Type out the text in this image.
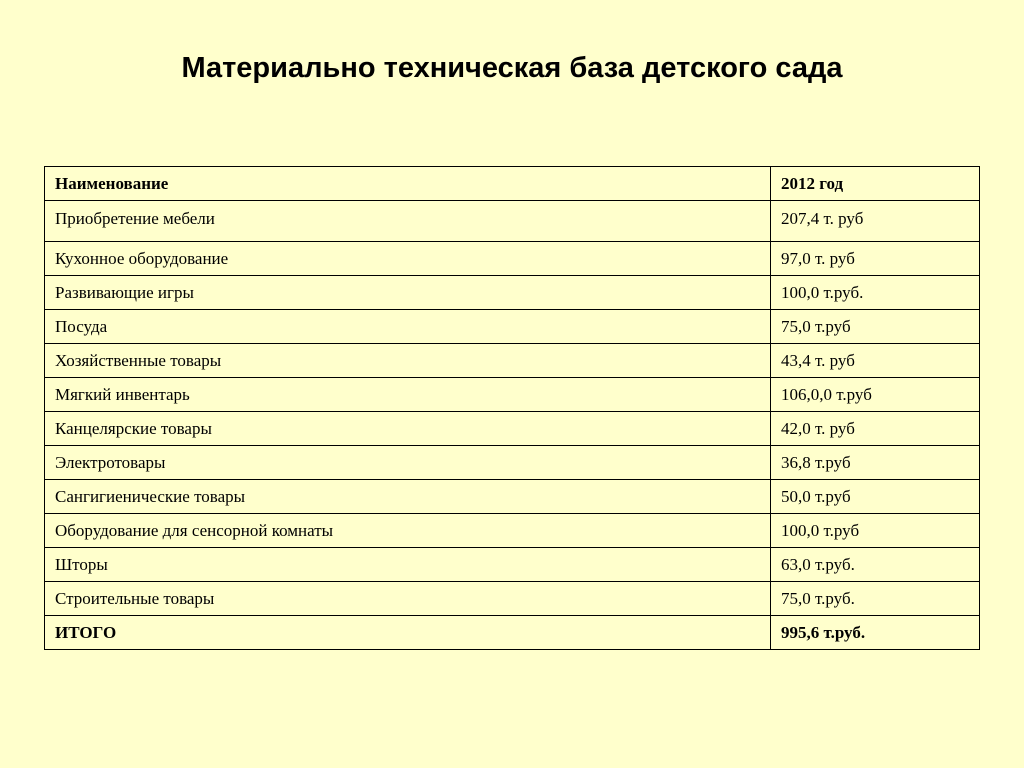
Материально техническая база детского сада
Наименование	2012 год
Приобретение мебели	207,4 т. руб
Кухонное оборудование	97,0 т. руб
Развивающие игры	100,0 т.руб.
Посуда	75,0 т.руб
Хозяйственные товары	43,4 т. руб
Мягкий инвентарь	106,0,0 т.руб
Канцелярские товары	42,0 т. руб
Электротовары	36,8 т.руб
Сангигиенические товары	50,0 т.руб
Оборудование для сенсорной комнаты	100,0 т.руб
Шторы	63,0 т.руб.
Строительные товары	75,0 т.руб.
ИТОГО	995,6 т.руб.
